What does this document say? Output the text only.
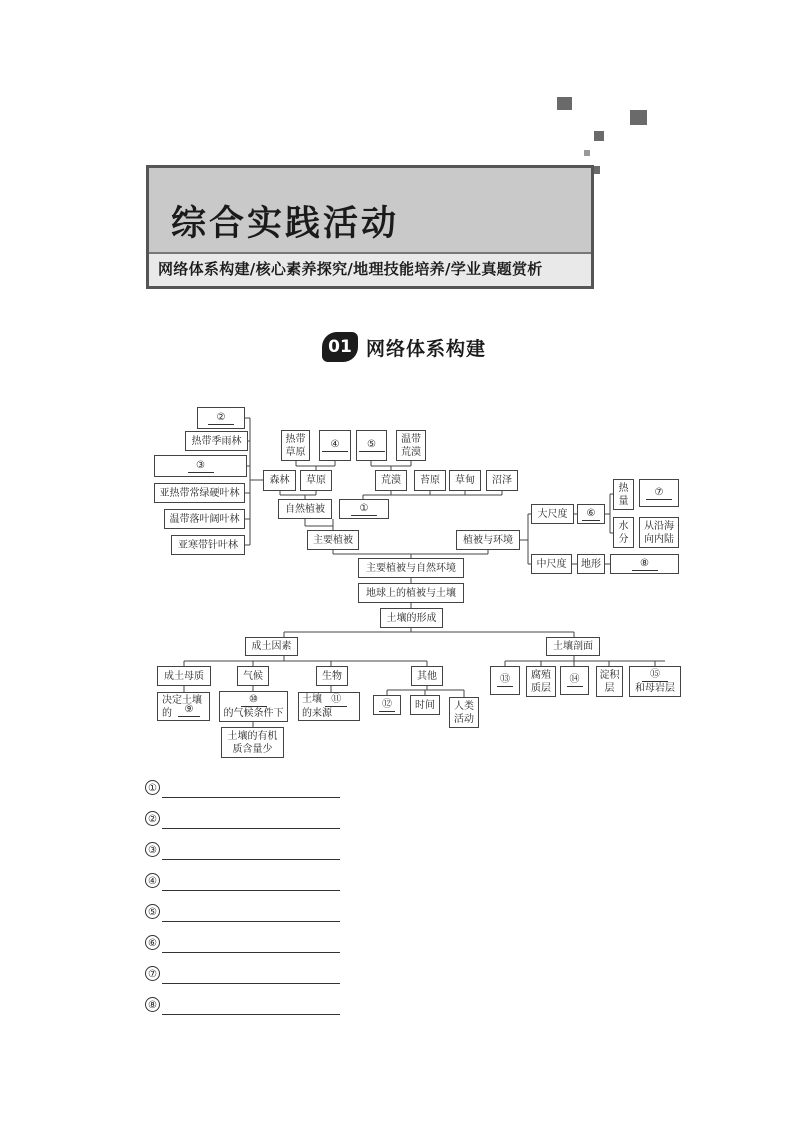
综合实践活动
网络体系构建/核心素养探究/地理技能培养/学业真题赏析
01 网络体系构建
②
热带季雨林
③
亚热带常绿硬叶林
温带落叶阔叶林
亚寒带针叶林
热带
草原
④	⑤	温带
荒漠
森林	草原	荒漠	苔原	草甸	沼泽
自然植被	①
主要植被	植被与环境
大尺度	⑥
热
量
⑦
水
分
从沿海
向内陆
中尺度	地形	⑧
主要植被与自然环境
地球上的植被与土壤
土壤的形成
成土因素
成土母质	气候	生物	其他
决定土壤
的	⑨
⑩
的气候条件下
土壤的有机
质含量少
土壤 ⑪
的来源
⑫	时间	人类
活动
土壤剖面
⑬	腐殖
质层
⑭	淀积
层
⑮
和母岩层
①
②
③
④
⑤
⑥
⑦
⑧
